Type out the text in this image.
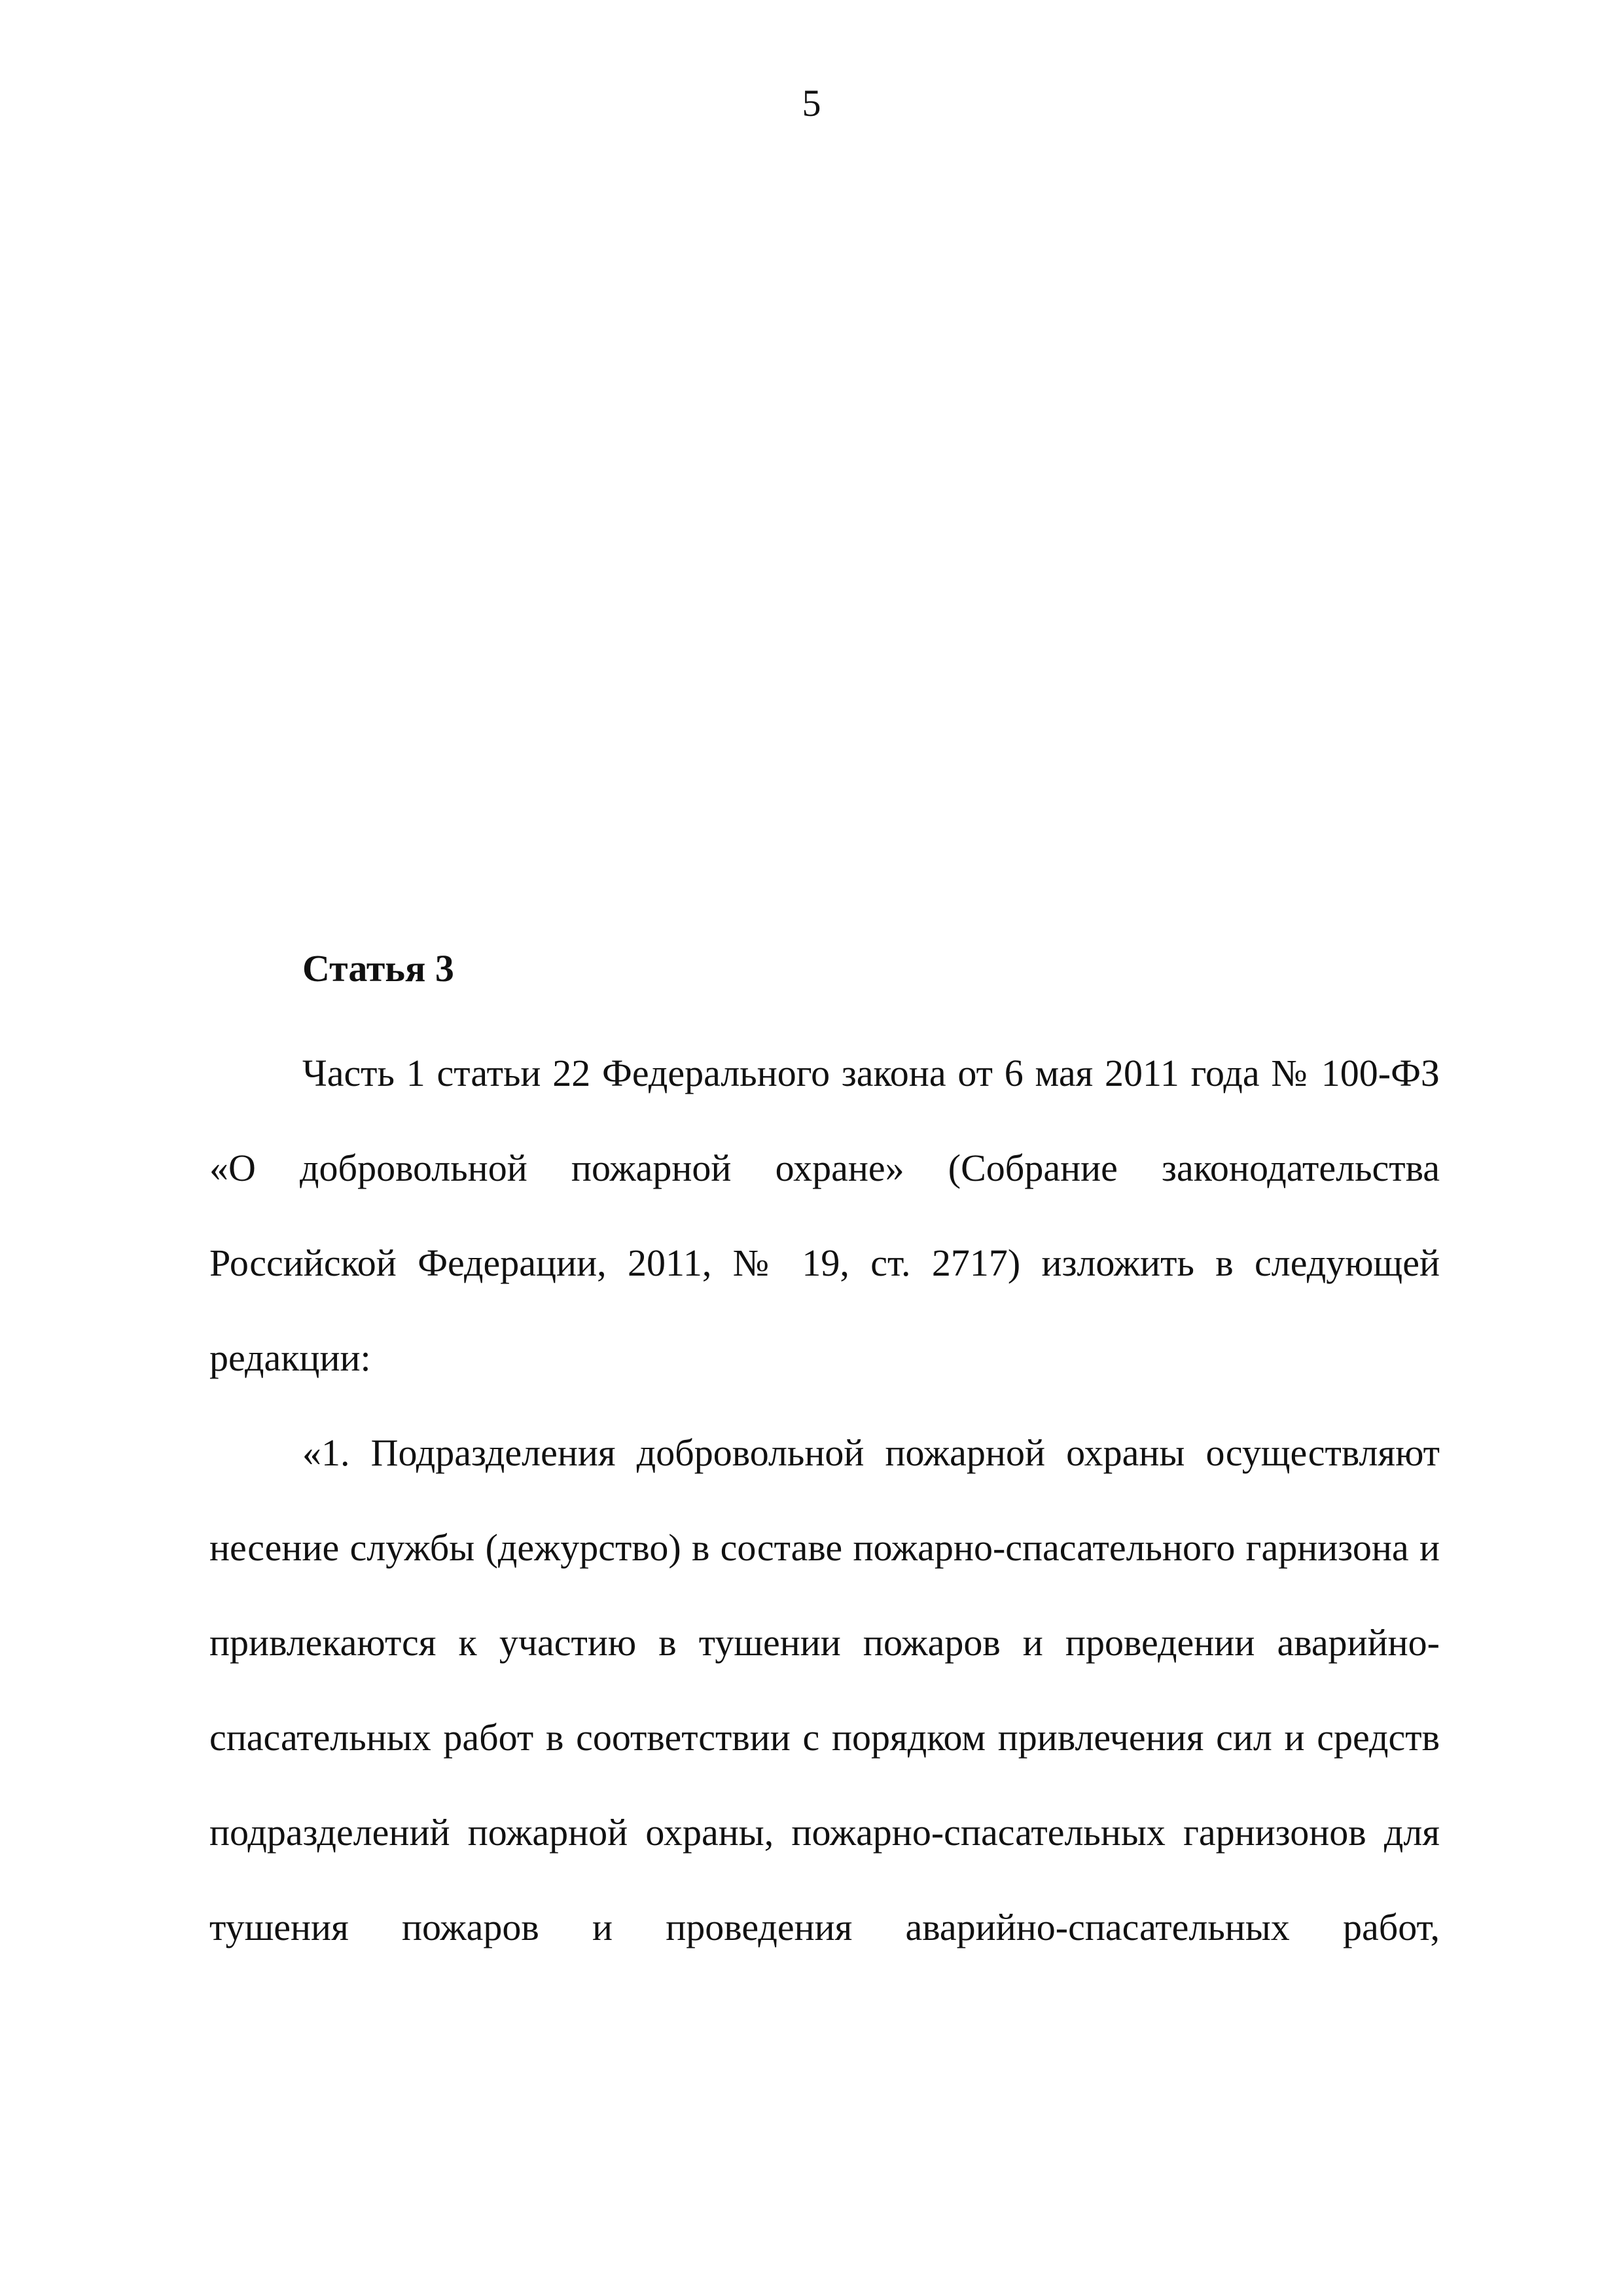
5
Статья 3
Часть 1 статьи 22 Федерального закона от 6 мая 2011 года № 100-ФЗ
«О добровольной пожарной охране» (Собрание законодательства
Российской Федерации, 2011, № 19, ст. 2717) изложить в следующей
редакции:
«1. Подразделения добровольной пожарной охраны осуществляют
несение службы (дежурство) в составе пожарно-спасательного гарнизона и
привлекаются к участию в тушении пожаров и проведении аварийно-
спасательных работ в соответствии с порядком привлечения сил и средств
подразделений пожарной охраны, пожарно-спасательных гарнизонов для
тушения пожаров и проведения аварийно-спасательных работ,
